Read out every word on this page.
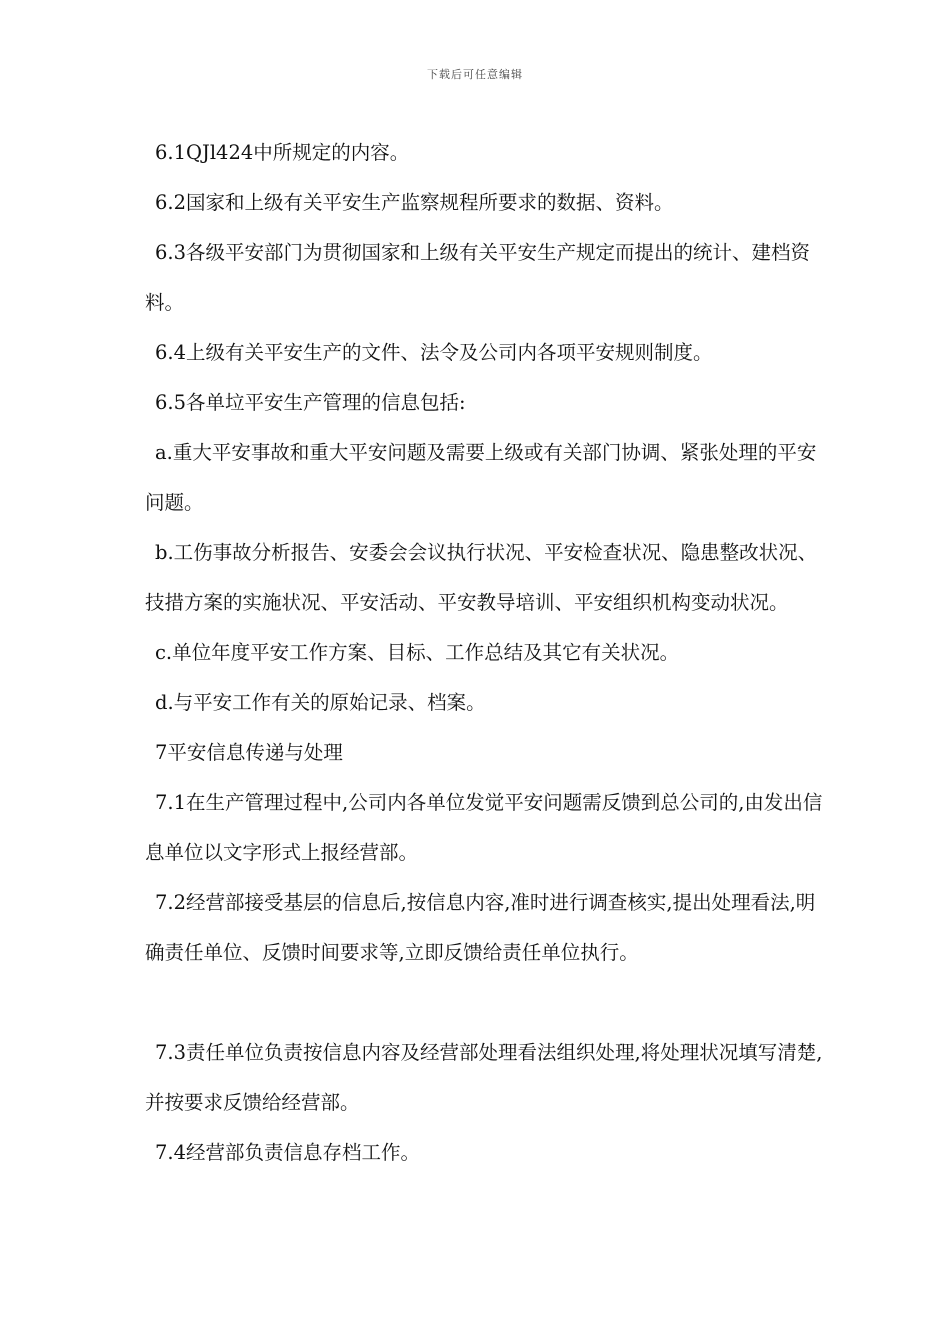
下载后可任意编辑

6.1QJl424中所规定的内容。

6.2国家和上级有关平安生产监察规程所要求的数据、资料。

6.3各级平安部门为贯彻国家和上级有关平安生产规定而提出的统计、建档资料。

6.4上级有关平安生产的文件、法令及公司内各项平安规则制度。

6.5各单垃平安生产管理的信息包括:

a.重大平安事故和重大平安问题及需要上级或有关部门协调、紧张处理的平安问题。

b.工伤事故分析报告、安委会会议执行状况、平安检查状况、隐患整改状况、技措方案的实施状况、平安活动、平安教导培训、平安组织机构变动状况。

c.单位年度平安工作方案、目标、工作总结及其它有关状况。

d.与平安工作有关的原始记录、档案。

7平安信息传递与处理

7.1在生产管理过程中,公司内各单位发觉平安问题需反馈到总公司的,由发出信息单位以文字形式上报经营部。

7.2经营部接受基层的信息后,按信息内容,准时进行调查核实,提出处理看法,明确责任单位、反馈时间要求等,立即反馈给责任单位执行。

7.3责任单位负责按信息内容及经营部处理看法组织处理,将处理状况填写清楚,并按要求反馈给经营部。

7.4经营部负责信息存档工作。
